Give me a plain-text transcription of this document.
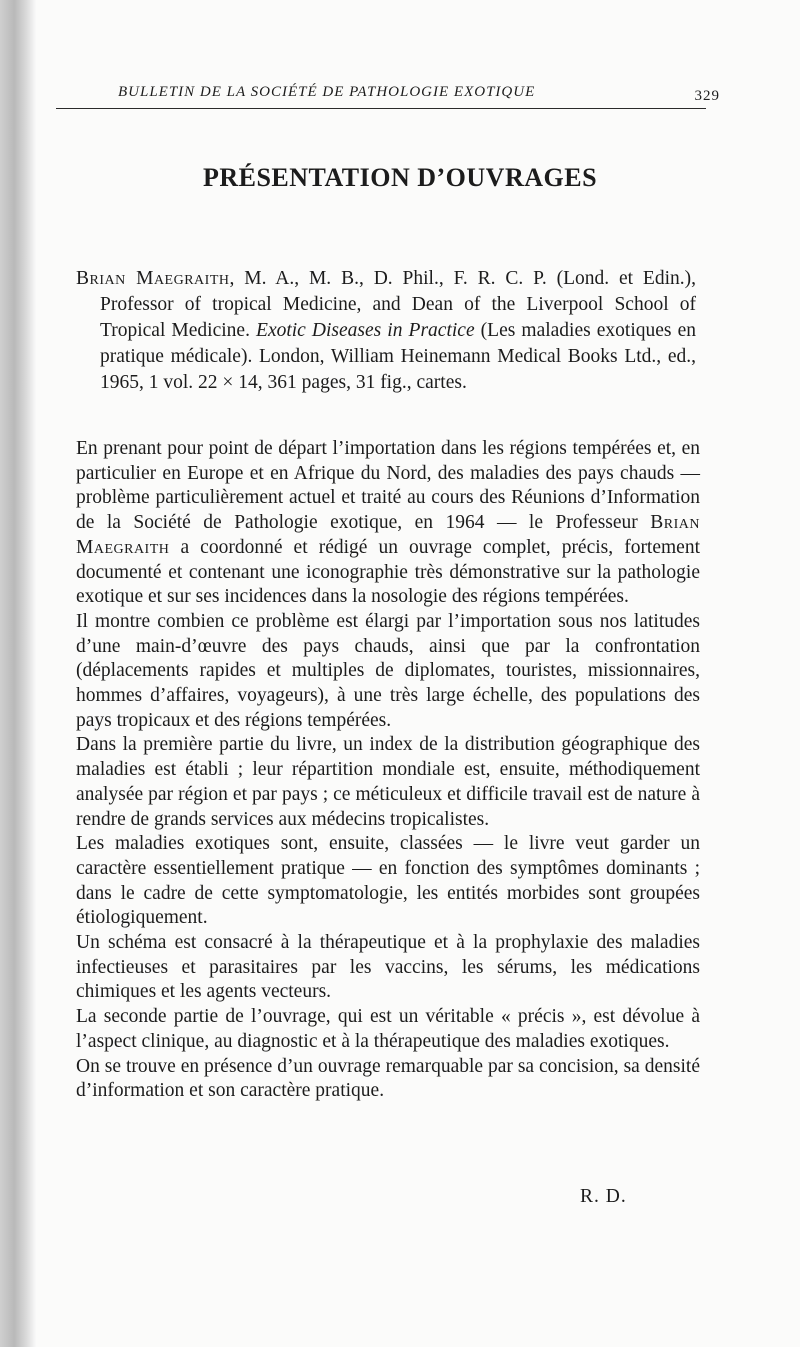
BULLETIN DE LA SOCIÉTÉ DE PATHOLOGIE EXOTIQUE	329
PRÉSENTATION D’OUVRAGES
Brian Maegraith, M. A., M. B., D. Phil., F. R. C. P. (Lond. et Edin.), Professor of tropical Medicine, and Dean of the Liverpool School of Tropical Medicine. Exotic Diseases in Practice (Les maladies exotiques en pratique médicale). London, William Heinemann Medical Books Ltd., ed., 1965, 1 vol. 22 × 14, 361 pages, 31 fig., cartes.

En prenant pour point de départ l’importation dans les régions tempérées et, en particulier en Europe et en Afrique du Nord, des maladies des pays chauds — problème particulièrement actuel et traité au cours des Réunions d’Information de la Société de Pathologie exotique, en 1964 — le Professeur Brian Maegraith a coordonné et rédigé un ouvrage complet, précis, fortement documenté et contenant une iconographie très démonstrative sur la pathologie exotique et sur ses incidences dans la nosologie des régions tempérées.

Il montre combien ce problème est élargi par l’importation sous nos latitudes d’une main-d’œuvre des pays chauds, ainsi que par la confrontation (déplacements rapides et multiples de diplomates, touristes, missionnaires, hommes d’affaires, voyageurs), à une très large échelle, des populations des pays tropicaux et des régions tempérées.

Dans la première partie du livre, un index de la distribution géographique des maladies est établi ; leur répartition mondiale est, ensuite, méthodiquement analysée par région et par pays ; ce méticuleux et difficile travail est de nature à rendre de grands services aux médecins tropicalistes.

Les maladies exotiques sont, ensuite, classées — le livre veut garder un caractère essentiellement pratique — en fonction des symptômes dominants ; dans le cadre de cette symptomatologie, les entités morbides sont groupées étiologiquement.

Un schéma est consacré à la thérapeutique et à la prophylaxie des maladies infectieuses et parasitaires par les vaccins, les sérums, les médications chimiques et les agents vecteurs.

La seconde partie de l’ouvrage, qui est un véritable « précis », est dévolue à l’aspect clinique, au diagnostic et à la thérapeutique des maladies exotiques.

On se trouve en présence d’un ouvrage remarquable par sa concision, sa densité d’information et son caractère pratique.

R. D.
